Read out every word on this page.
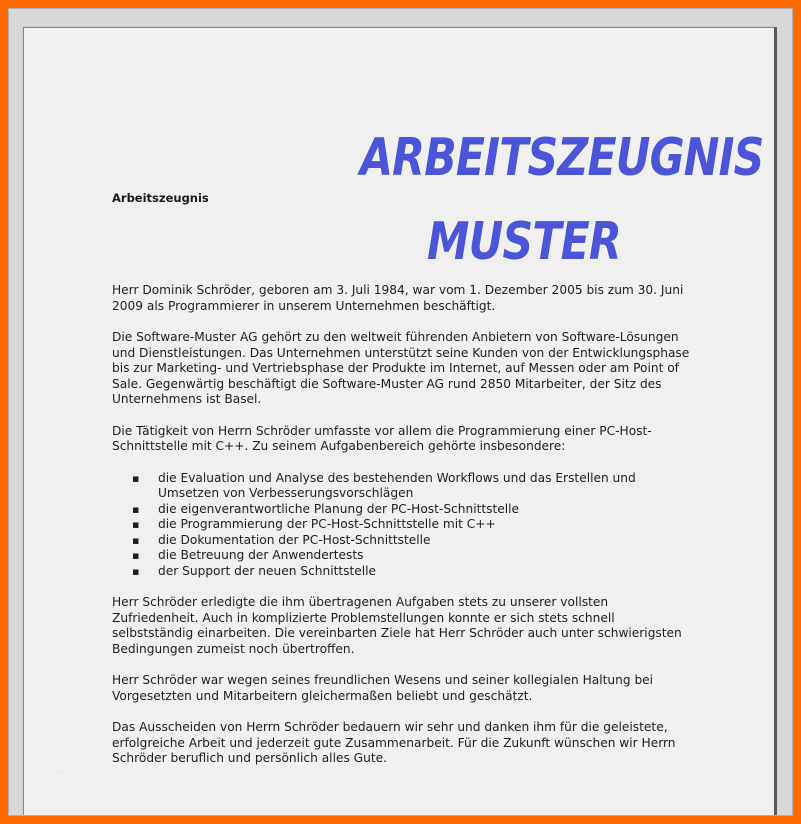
ARBEITSZEUGNIS
MUSTER
Arbeitszeugnis

Herr Dominik Schröder, geboren am 3. Juli 1984, war vom 1. Dezember 2005 bis zum 30. Juni 2009 als Programmierer in unserem Unternehmen beschäftigt.

Die Software-Muster AG gehört zu den weltweit führenden Anbietern von Software-Lösungen und Dienstleistungen. Das Unternehmen unterstützt seine Kunden von der Entwicklungsphase bis zur Marketing- und Vertriebsphase der Produkte im Internet, auf Messen oder am Point of Sale. Gegenwärtig beschäftigt die Software-Muster AG rund 2850 Mitarbeiter, der Sitz des Unternehmens ist Basel.

Die Tätigkeit von Herrn Schröder umfasste vor allem die Programmierung einer PC-Host-Schnittstelle mit C++. Zu seinem Aufgabenbereich gehörte insbesondere:

▪ die Evaluation und Analyse des bestehenden Workflows und das Erstellen und Umsetzen von Verbesserungsvorschlägen
▪ die eigenverantwortliche Planung der PC-Host-Schnittstelle
▪ die Programmierung der PC-Host-Schnittstelle mit C++
▪ die Dokumentation der PC-Host-Schnittstelle
▪ die Betreuung der Anwendertests
▪ der Support der neuen Schnittstelle

Herr Schröder erledigte die ihm übertragenen Aufgaben stets zu unserer vollsten Zufriedenheit. Auch in komplizierte Problemstellungen konnte er sich stets schnell selbstständig einarbeiten. Die vereinbarten Ziele hat Herr Schröder auch unter schwierigsten Bedingungen zumeist noch übertroffen.

Herr Schröder war wegen seines freundlichen Wesens und seiner kollegialen Haltung bei Vorgesetzten und Mitarbeitern gleichermaßen beliebt und geschätzt.

Das Ausscheiden von Herrn Schröder bedauern wir sehr und danken ihm für die geleistete, erfolgreiche Arbeit und jederzeit gute Zusammenarbeit. Für die Zukunft wünschen wir Herrn Schröder beruflich und persönlich alles Gute.

·····
